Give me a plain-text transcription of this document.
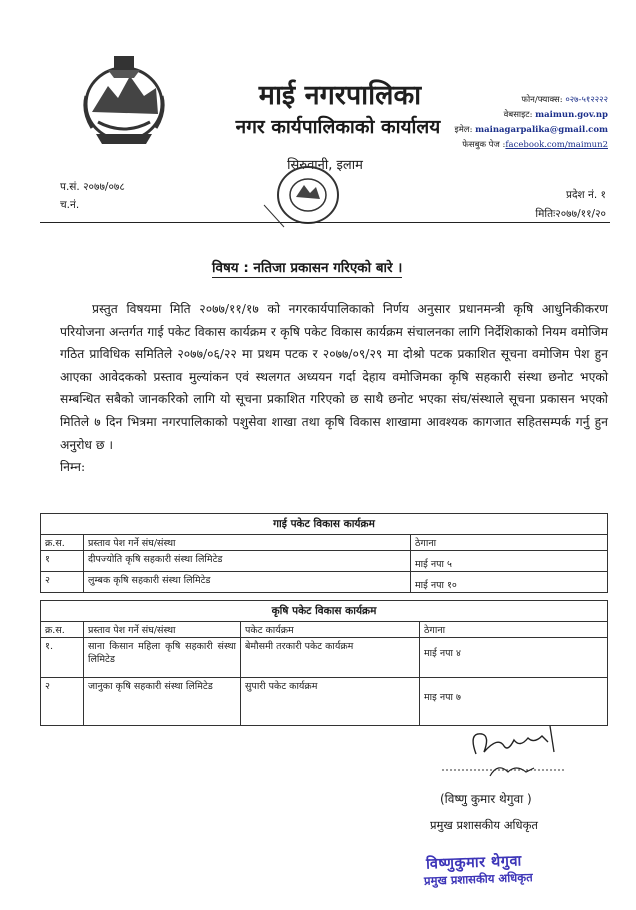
माई नगरपालिका
नगर कार्यपालिकाको कार्यालय
सिरुवानी, इलाम
फोन/फ्याक्स: ०२७-५१२२२२
वेबसाइट: maimun.gov.np
इमेल: mainagarpalika@gmail.com
फेसबुक पेज :facebook.com/maimun2
प.सं. २०७७/०७८
च.नं.
प्रदेश नं. १
मितिः२०७७/११/२०
विषय : नतिजा प्रकासन गरिएको बारे ।

प्रस्तुत विषयमा मिति २०७७/११/१७ को नगरकार्यपालिकाको निर्णय अनुसार प्रधानमन्त्री कृषि आधुनिकीकरण परियोजना अन्तर्गत गाई पकेट विकास कार्यक्रम र कृषि पकेट विकास कार्यक्रम संचालनका लागि निर्देशिकाको नियम वमोजिम गठित प्राविधिक समितिले २०७७/०६/२२ मा प्रथम पटक र २०७७/०९/२९ मा दोश्रो पटक प्रकाशित सूचना वमोजिम पेश हुन आएका आवेदकको प्रस्ताव मुल्यांकन एवं स्थलगत अध्ययन गर्दा देहाय वमोजिमका कृषि सहकारी संस्था छनोट भएको सम्बन्धित सबैको जानकरिको लागि यो सूचना प्रकाशित गरिएको छ साथै छनोट भएका संघ/संस्थाले सूचना प्रकासन भएको मितिले ७ दिन भित्रमा नगरपालिकाको पशुसेवा शाखा तथा कृषि विकास शाखामा आवश्यक कागजात सहितसम्पर्क गर्नु हुन अनुरोध छ ।

निम्न:
गाई पकेट विकास कार्यक्रम		
क्र.स.	प्रस्ताव पेश गर्ने संघ/संस्था	ठेगाना
१	दीपज्योति कृषि सहकारी संस्था लिमिटेड	माई नपा ५
२	लुम्बक कृषि सहकारी संस्था लिमिटेड	माई नपा १०
कृषि पकेट विकास कार्यक्रम			
क्र.स.	प्रस्ताव पेश गर्ने संघ/संस्था	पकेट कार्यक्रम	ठेगाना
१.	साना किसान महिला कृषि सहकारी संस्था लिमिटेड	बेमौसमी तरकारी पकेट कार्यक्रम	माई नपा ४
२	जानुका कृषि सहकारी संस्था लिमिटेड	सुपारी पकेट कार्यक्रम	माइ नपा ७
(विष्णु कुमार थेगुवा )
प्रमुख प्रशासकीय अधिकृत
विष्णुकुमार थेगुवा
प्रमुख प्रशासकीय अधिकृत
